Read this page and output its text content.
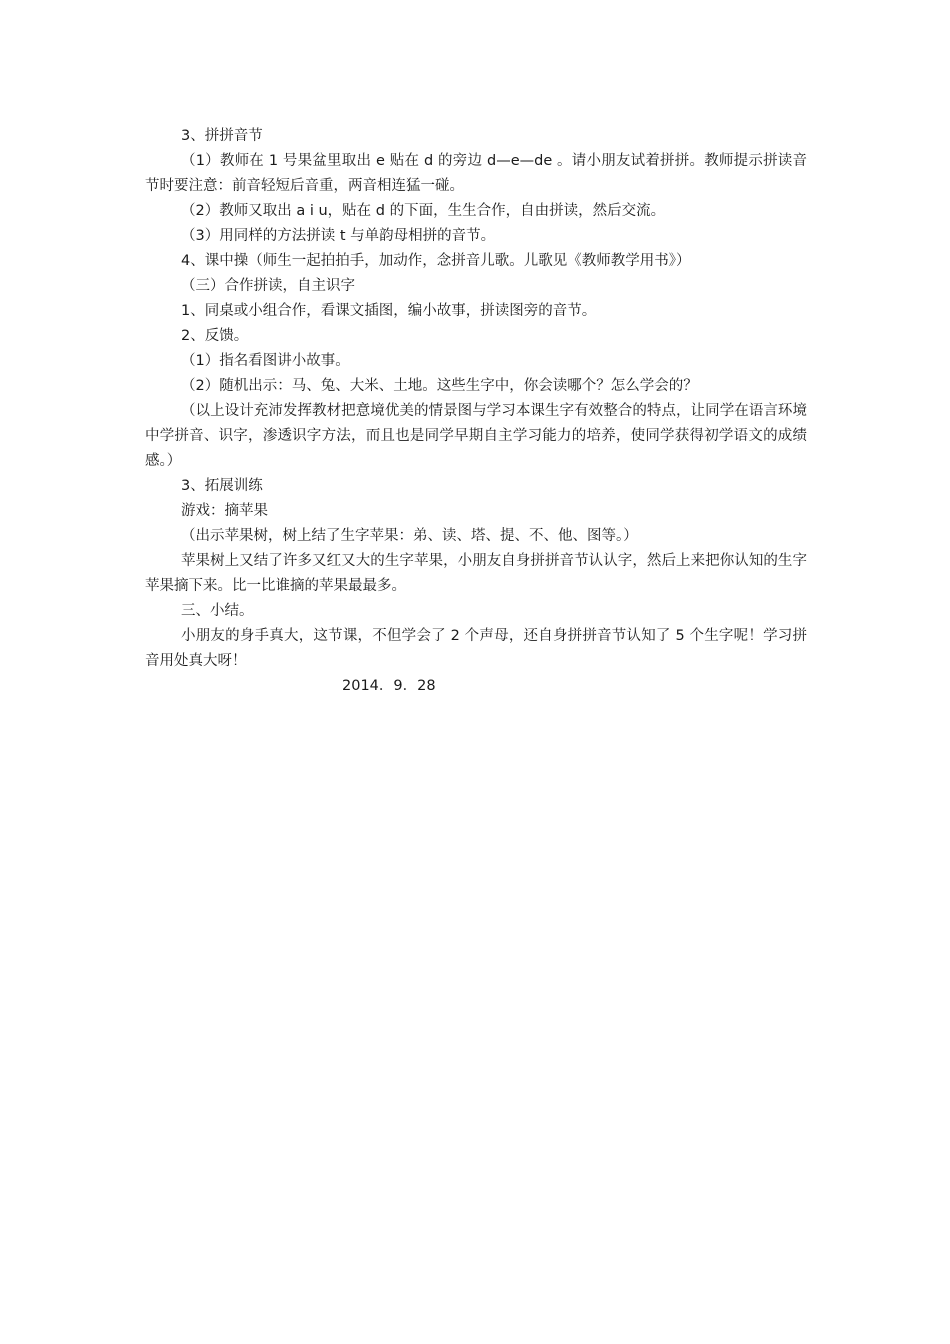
3、拼拼音节

（1）教师在 1 号果盆里取出 e 贴在 d 的旁边 d—e—de 。请小朋友试着拼拼。教师提示拼读音节时要注意：前音轻短后音重，两音相连猛一碰。

（2）教师又取出 a i u，贴在 d 的下面，生生合作，自由拼读，然后交流。

（3）用同样的方法拼读 t 与单韵母相拼的音节。

4、课中操（师生一起拍拍手，加动作，念拼音儿歌。儿歌见《教师教学用书》）

（三）合作拼读，自主识字

1、同桌或小组合作，看课文插图，编小故事，拼读图旁的音节。

2、反馈。

（1）指名看图讲小故事。

（2）随机出示：马、兔、大米、土地。这些生字中，你会读哪个？怎么学会的？

（以上设计充沛发挥教材把意境优美的情景图与学习本课生字有效整合的特点，让同学在语言环境中学拼音、识字，渗透识字方法，而且也是同学早期自主学习能力的培养，使同学获得初学语文的成绩感。）

3、拓展训练

游戏：摘苹果

（出示苹果树，树上结了生字苹果：弟、读、塔、提、不、他、图等。）

苹果树上又结了许多又红又大的生字苹果，小朋友自身拼拼音节认认字，然后上来把你认知的生字苹果摘下来。比一比谁摘的苹果最最多。

三、小结。

小朋友的身手真大，这节课，不但学会了 2 个声母，还自身拼拼音节认知了 5 个生字呢！学习拼音用处真大呀！

2014．9．28
